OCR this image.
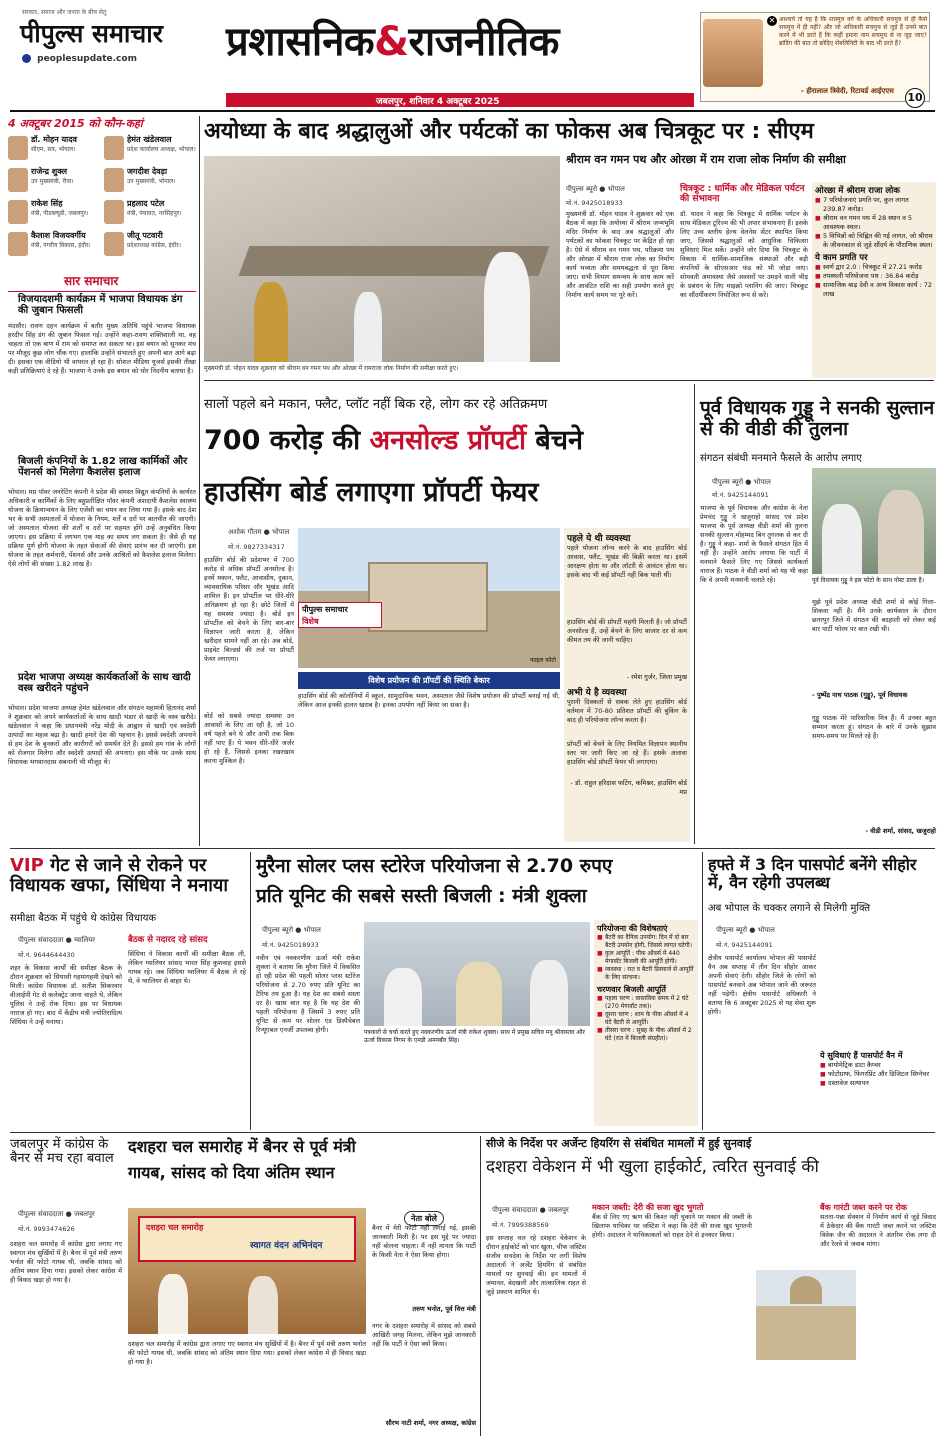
सरकार, समाज और जनता के बीच सेतु
पीपुल्स समाचार
peoplesupdate.com प्रशासनिक&राजनीतिक
जबलपुर, शनिवार 4 अक्टूबर 2025
✕ आश्चर्य तो यह है कि सचमुच वर्ग के अधिकारी सचमुच से ही कैसे सचमुच में ही नहीं? और जो अधिकारी सचमुच से जुड़े हैं उनसे बात करने में भी डरते हैं कि कहीं हमारा नाम सचमुच से ना जुड़ जाए? ब्रांडिंग की बात तो छोड़िए सेंबलिनिटी के बाद भी डरते हैं?
- हीरालाल त्रिवेदी, रिटायर्ड आईएएस 10
4 अक्टूबर 2015 को कौन-कहां
डॉ. मोहन यादव
सीएम, सत्र, भोपाल।
हेमंत खंडेलवाल
प्रदेश कार्यालय अध्यक्ष, भोपाल।
राजेन्द्र शुक्ल
उप मुख्यमंत्री, रीवा।
जगदीश देवड़ा
उप मुख्यमंत्री, भोपाल।
राकेश सिंह
मंत्री, पीडब्ल्यूडी, जबलपुर।
प्रहलाद पटेल
मंत्री, पंचायत, नरसिंहपुर।
कैलाश विजयवर्गीय
मंत्री, नगरीय विकास, इंदौर।
जीतू पटवारी
प्रदेशाध्यक्ष कांग्रेस, इंदौर।
सार समाचार
विजयादशमी कार्यक्रम में भाजपा विधायक डंग की जुबान फिसली
मंदसौर। रावण दहन कार्यक्रम में बतौर मुख्य अतिथि पहुंचे भाजपा विधायक हरदीप सिंह डंग की जुबान फिसल गई। उन्होंने कहा-रावण शक्तिशाली था, वह चाहता तो एक बाण में राम को समाप्त कर सकता था। इस बयान को सुनकर मंच पर मौजूद कुछ लोग चौंक गए। हालांकि उन्होंने संभालते हुए अपनी बात आगे बढ़ा दी। इसका एक वीडियो भी वायरल हो रहा है। सोशल मीडिया यूजर्स इसकी तीखा कड़ी प्रतिक्रियाएं दे रहे हैं। भाजपा ने उनके इस बयान को घोर निंदनीय बताया है।
बिजली कंपनियों के 1.82 लाख कार्मिकों और पेंशनर्स को मिलेगा कैशलेस इलाज
भोपाल। मप्र पॉवर जनरेटिंग कंपनी ने प्रदेश की समस्त विद्युत कंपनियों के कार्यरत अधिकारी व कार्मिकों के लिए बहुप्रतीक्षित पॉवर कंपनी अंशदायी कैशलेस स्वास्थ्य योजना के क्रियान्वयन के लिए एजेंसी का चयन कर लिया गया है। इसके बाद देश भर के सभी अस्पतालों में योजना के नियम, शर्तें व दरों पर बातचीत की जाएगी। जो अस्पताल योजना की शर्तों व दरों पर सहमत होंगे उन्हें अनुबंधित किया जाएगा। इस प्रक्रिया में लगभग एक माह का समय लग सकता है। जैसे ही यह प्रक्रिया पूर्ण होगी योजना के तहत सेवाओं की सेवाएं प्रारंभ कर दी जाएंगी। इस योजना के तहत कर्मचारी, पेंशनर्स और उनके आश्रितों को कैशलेस इलाज मिलेगा। ऐसे लोगों की संख्या 1.82 लाख है।
प्रदेश भाजपा अध्यक्ष कार्यकर्ताओं के साथ खादी वस्त्र खरीदने पहुंचने
भोपाल। प्रदेश भाजपा अध्यक्ष हेमंत खंडेलवाल और संगठन महामंत्री हितानंद शर्मा ने शुक्रवार को अपने कार्यकर्ताओं के साथ खादी भंडार से खादी के वस्त्र खरीदे। खंडेलवाल ने कहा कि प्रधानमंत्री नरेंद्र मोदी के आह्वान से खादी एवं स्वदेशी उत्पादों का महत्व बढ़ा है। खादी हमारे देश की पहचान है। इससे स्वदेशी अपनाने से हम देश के बुनकरों और कारीगरों को समर्थन देते हैं। इससे हम गांव के लोगों को रोजगार मिलेगा और स्वदेशी उत्पादों की अपनाएं। इस मौके पर उनके साथ विधायक भगवानदास सबनानी भी मौजूद थे।
अयोध्या के बाद श्रद्धालुओं और पर्यटकों का फोकस अब चित्रकूट पर : सीएम
श्रीराम वन गमन पथ और ओरछा में राम राजा लोक निर्माण की समीक्षा
मुख्यमंत्री डॉ. मोहन यादव शुक्रवार को श्रीराम वन गमन पथ और ओरछा में रामराजा लोक निर्माण की समीक्षा करते हुए।
पीपुल्स ब्यूरो ● भोपाल
मो.नं. 9425018933
मुख्यमंत्री डॉ. मोहन यादव ने शुक्रवार को एक बैठक में कहा कि अयोध्या में श्रीराम जन्मभूमि मंदिर निर्माण के बाद अब श्रद्धालुओं और पर्यटकों का फोकस चित्रकूट पर केंद्रित हो रहा है। ऐसे में श्रीराम वन गमन पथ, परिक्रमा पथ और ओरछा में श्रीराम राजा लोक का निर्माण कार्य भव्यता और समयबद्धता से पूरा किया जाए। सभी विभाग समन्वय के साथ काम करें और आवंटित राशि का सही उपयोग करते हुए निर्माण कार्य समय पर पूरे करें।
चित्रकूट : धार्मिक और मेडिकल पर्यटन की संभावना
डॉ. यादव ने कहा कि चित्रकूट में धार्मिक पर्यटन के साथ मेडिकल टूरिज्म की भी अपार संभावनाएं हैं। इसके लिए उच्च स्तरीय हेल्थ वेलनेस सेंटर स्थापित किया जाए, जिससे श्रद्धालुओं को आधुनिक चिकित्सा सुविधाएं मिल सकें। उन्होंने जोर दिया कि चित्रकूट के विकास में धार्मिक-सामाजिक संस्थाओं और बड़ी कंपनियों के सीएसआर फंड को भी जोड़ा जाए। सोमवती अमावस्या जैसे अवसरों पर उमड़ने वाली भीड़ के प्रबंधन के लिए माइक्रो प्लानिंग की जाए। चित्रकूट का सौंदर्यीकरण नियोजित रूप से करें।
ओरछा में श्रीराम राजा लोक
■ 7 परियोजनाएं प्रगति पर, कुल लागत 239.87 करोड़।
■ श्रीराम वन गमन पथ में 28 स्थान व 5 आवश्यक स्थल।
■ 5 विभिन्नों को चिह्नित की गई लागत, जो श्रीराम के जीवनकाल से जुड़े सौंदर्य के पौराणिक स्थल।
ये काम प्रगति पर
■ स्वर्ण द्वार 2.0 : चित्रकूट में 27.21 करोड़
■ तपस्थली परियोजना पथ : 36.84 करोड़
■ सामाजिक बाढ़ देवी व अन्य विकास कार्य : 72 लाख
सालों पहले बने मकान, फ्लैट, प्लॉट नहीं बिक रहे, लोग कर रहे अतिक्रमण
700 करोड़ की अनसोल्ड प्रॉपर्टी बेचने
हाउसिंग बोर्ड लगाएगा प्रॉपर्टी फेयर
अशोक गौतम ● भोपाल
मो.नं. 9827334317
हाउसिंग बोर्ड की प्रदेशभर में 700 करोड़ से अधिक प्रॉपर्टी अनसोल्ड है। इनमें मकान, फ्लैट, आवासीय, दुकान, व्यावसायिक परिसर और भूखंड आदि शामिल हैं। इन प्रॉपर्टीज पर धीरे-धीरे अतिक्रमण हो रहा है। छोटे जिलों में यह समस्या ज्यादा है। बोर्ड इन प्रॉपर्टीज को बेचने के लिए बार-बार विज्ञापन जारी करता है, लेकिन खरीदार सामने नहीं आ रहे। अब बोर्ड, प्राइवेट बिल्डर्स की तर्ज पर प्रॉपर्टी फेयर लगाएगा।
पीपुल्स समाचार
विशेष
फाइल फोटो
बोर्ड को सबसे ज्यादा समस्या उन आवासों के लिए आ रही है, जो 10 वर्ष पहले बने थे और अभी तक बिक नहीं पाए हैं। ये भवन धीरे-धीरे जर्जर हो रहे हैं, जिससे इनका रखरखाव करना मुश्किल है।
विशेष प्रयोजन की प्रॉपर्टी की स्थिति बेकार
हाउसिंग बोर्ड की कॉलोनियों में स्कूल, सामुदायिक भवन, अस्पताल जैसे विशेष प्रयोजन की प्रॉपर्टी बनाई गई थी, लेकिन आज इनकी हालत खराब है। इनका उपयोग नहीं किया जा सका है।
पहले ये थी व्यवस्था
पहले योजना लॉन्च करने के बाद हाउसिंग बोर्ड आवास, फ्लैट, भूखंड की बिक्री करता था। इसमें आरक्षण होता था और लॉटरी से आवंटन होता था। इसके बाद भी कई प्रॉपर्टी नहीं बिक पाती थीं।
हाउसिंग बोर्ड की प्रॉपर्टी महंगी मिलती है। जो प्रॉपर्टी अनसोल्ड हैं, उन्हें बेचने के लिए बाजार दर से कम कीमत तय की जानी चाहिए।
- रमेश गुर्जर, जिला प्रमुख
अभी ये है व्यवस्था
पुरानी दिक्कतों से सबक लेते हुए हाउसिंग बोर्ड वर्तमान में 70-80 प्रतिशत प्रॉपर्टी की बुकिंग के बाद ही परियोजना लॉन्च करता है।
प्रॉपर्टी को बेचने के लिए नियमित विज्ञापन स्थानीय स्तर पर जारी किए जा रहे हैं। इसके अलावा हाउसिंग बोर्ड प्रॉपर्टी फेयर भी लगाएगा।
- डॉ. राहुल हरिदास फटिंग, कमिश्नर, हाउसिंग बोर्ड मप्र
पूर्व विधायक गुड्डू ने सनकी सुल्तान से की वीडी की तुलना
संगठन संबंधी मनमाने फैसले के आरोप लगाए
पीपुल्स ब्यूरो ● भोपाल
मो.नं. 9425144091
पूर्व विधायक गुड्डू ने इस फोटो के साथ पोस्ट डाला है।
भाजपा के पूर्व विधायक और कांग्रेस के नेता प्रेमचंद गुड्डू ने खजुराहो सांसद एवं प्रदेश भाजपा के पूर्व अध्यक्ष वीडी शर्मा की तुलना सनकी सुल्तान मोहम्मद बिन तुगलक से कर दी है। गुड्डू ने कहा- शर्मा के फैसले संगठन हित में नहीं हैं। उन्होंने आरोप लगाया कि पार्टी में मनमाने फैसले लिए गए जिससे कार्यकर्ता नाराज हैं। पाठक ने वीडी शर्मा को यह भी कहा कि वे अपनी मनमानी चलाते रहे।
मुझे पूर्व प्रदेश अध्यक्ष वीडी शर्मा से कोई गिला-शिकवा नहीं है। मैंने उनके कार्यकाल के दौरान छतरपुर जिले में संगठन की बदहाली को लेकर कई बार पार्टी फोरम पर बात रखी थी।
- पुष्पेंद्र नाथ पाठक (गुड्डू), पूर्व विधायक
गुड्डू पाठक मेरे पारिवारिक मित्र हैं। मैं उनका बहुत सम्मान करता हूं। संगठन के बारे में उनके सुझाव समय-समय पर मिलते रहे हैं।
- वीडी शर्मा, सांसद, खजुराहो
VIP गेट से जाने से रोकने पर विधायक खफा, सिंधिया ने मनाया
समीक्षा बैठक में पहुंचे थे कांग्रेस विधायक
पीपुल्स संवाददाता ● ग्वालियर
मो.नं. 9644644430
शहर के विकास कार्यों की समीक्षा बैठक के दौरान शुक्रवार को सियासी गहमागहमी देखने को मिली। कांग्रेस विधायक डॉ. सतीश सिकरवार वीआईपी गेट से कलेक्ट्रेट जाना चाहते थे, लेकिन पुलिस ने उन्हें रोक दिया। इस पर विधायक नाराज हो गए। बाद में केंद्रीय मंत्री ज्योतिरादित्य सिंधिया ने उन्हें मनाया।
बैठक से नदारद रहे सांसद
सिंधिया ने विकास कार्यों की समीक्षा बैठक ली, लेकिन ग्वालियर सांसद भारत सिंह कुशवाह इससे गायब रहे। जब सिंधिया ग्वालियर में बैठक ले रहे थे, वे ग्वालियर से बाहर थे।
मुरैना सोलर प्लस स्टोरेज परियोजना से 2.70 रुपए
प्रति यूनिट की सबसे सस्ती बिजली : मंत्री शुक्ला
पीपुल्स ब्यूरो ● भोपाल
मो.नं. 9425018933
नवीन एवं नवकरणीय ऊर्जा मंत्री राकेश शुक्ला ने बताया कि मुरैना जिले में विकसित हो रही प्रदेश की पहली सोलर प्लस स्टोरेज परियोजना से 2.70 रुपए प्रति यूनिट का टैरिफ तय हुआ है। यह देश का सबसे सस्ता दर है। खास बात यह है कि यह देश की पहली परियोजना है जिसमें 3 रुपए प्रति यूनिट से कम पर सोलर एंड डिस्पैचेबल रिन्यूएबल एनर्जी उपलब्ध होगी।	पत्रकारों से चर्चा करते हुए नवकरणीय ऊर्जा मंत्री राकेश शुक्ला। साथ में प्रमुख सचिव मनु श्रीवास्तव और ऊर्जा विकास निगम के एमडी अमनबीर सिंह।
परियोजना की विशेषताएं
■ बैटरी का दैनिक उपयोग: दिन में दो बार बैटरी उपयोग होगी, जिससे लागत घटेगी।
■ कुल आपूर्ति : पीक ऑवर्स में 440 मेगावॉट बिजली की आपूर्ति होगी।
■ व्यवस्था : रात व बैटरी डिस्चार्ज से आपूर्ति के लिए संरचना।
चरणवार बिजली आपूर्ति
■ पहला चरण : वास्तविक समय में 2 घंटे (270 मेगावॉट तक)।
■ दूसरा चरण : शाम के पीक ऑवर्स में 4 घंटे बैटरी से आपूर्ति।
■ तीसरा चरण : सुबह के पीक ऑवर्स में 2 घंटे (रात में बिजली संग्रहीत)।
हफ्ते में 3 दिन पासपोर्ट बनेंगे सीहोर में, वैन रहेगी उपलब्ध
अब भोपाल के चक्कर लगाने से मिलेगी मुक्ति
पीपुल्स ब्यूरो ● भोपाल
मो.नं. 9425144091
क्षेत्रीय पासपोर्ट कार्यालय भोपाल की पासपोर्ट वैन अब सप्ताह में तीन दिन सीहोर आकर अपनी सेवाएं देगी। सीहोर जिले के लोगों को पासपोर्ट बनवाने अब भोपाल जाने की जरूरत नहीं पड़ेगी। क्षेत्रीय पासपोर्ट अधिकारी ने बताया कि 6 अक्टूबर 2025 से यह सेवा शुरू होगी।
ये सुविधाएं हैं पासपोर्ट वैन में
■ बायोमेट्रिक डाटा कैप्चर
■ फोटोग्राफ, फिंगरप्रिंट और डिजिटल सिग्नेचर
■ दस्तावेज सत्यापन
जबलपुर में कांग्रेस के बैनर से मच रहा बवाल
दशहरा चल समारोह में बैनर से पूर्व मंत्री
गायब, सांसद को दिया अंतिम स्थान
पीपुल्स संवाददाता ● जबलपुर
मो.नं. 9993474626
दशहरा चल समारोह में कांग्रेस द्वारा लगाए गए स्वागत मंच सुर्खियों में है। बैनर में पूर्व मंत्री तरुण भनोत की फोटो गायब थी, जबकि सांसद को अंतिम स्थान दिया गया। इसको लेकर कांग्रेस में ही विवाद खड़ा हो गया है।
दशहरा चल समारोह
स्वागत वंदन अभिनंदन
दशहरा चल समारोह में कांग्रेस द्वारा लगाए गए स्वागत मंच सुर्खियों में है। बैनर में पूर्व मंत्री तरुण भनोत की फोटो गायब थी, जबकि सांसद को अंतिम स्थान दिया गया। इसको लेकर कांग्रेस में ही विवाद खड़ा हो गया है।
नेता बोले
बैनर में मेरी फोटो नहीं लगाई गई, इसकी जानकारी मिली है। पर इस मुद्दे पर ज्यादा नहीं बोलना चाहता। मैं नहीं मानता कि पार्टी के किसी नेता ने ऐसा किया होगा।
तरुण भनोत, पूर्व वित्त मंत्री
नगर के दशहरा समारोह में सांसद को सबसे आखिरी जगह मिलना, लेकिन मुझे जानकारी नहीं कि पार्टी ने ऐसा क्यों किया।
सौरभ नाटी शर्मा, नगर अध्यक्ष, कांग्रेस
सीजे के निर्देश पर अर्जेन्ट हियरिंग से संबंधित मामलों में हुई सुनवाई
दशहरा वेकेशन में भी खुला हाईकोर्ट, त्वरित सुनवाई की
पीपुल्स संवाददाता ● जबलपुर
मो.नं. 7999388569
इस सप्ताह चल रहे दशहरा वेकेशन के दौरान हाईकोर्ट को चार खुला, चीफ जस्टिस संजीव सचदेवा के निर्देश पर लगीं विशेष अदालतों ने अर्जेंट हियरिंग से संबंधित मामलों पर सुनवाई की। इन मामलों में जमानत, बेदखली और तात्कालिक राहत से जुड़े प्रकरण शामिल थे।
मकान जब्ती: देरी की सजा खुद भुगतो
बैंक से लिए गए ऋण की किश्त नहीं चुकाने पर मकान की जब्ती के खिलाफ याचिका पर जस्टिस ने कहा कि देरी की सजा खुद भुगतनी होगी। अदालत ने याचिकाकर्ता को राहत देने से इनकार किया।
बैंक गारंटी जब्त करने पर रोक
सतना-पन्ना सेक्शन में निर्माण कार्य से जुड़े विवाद में ठेकेदार की बैंक गारंटी जब्त करने पर जस्टिस विवेक जैन की अदालत ने अंतरिम रोक लगा दी और रेलवे से जवाब मांगा।
